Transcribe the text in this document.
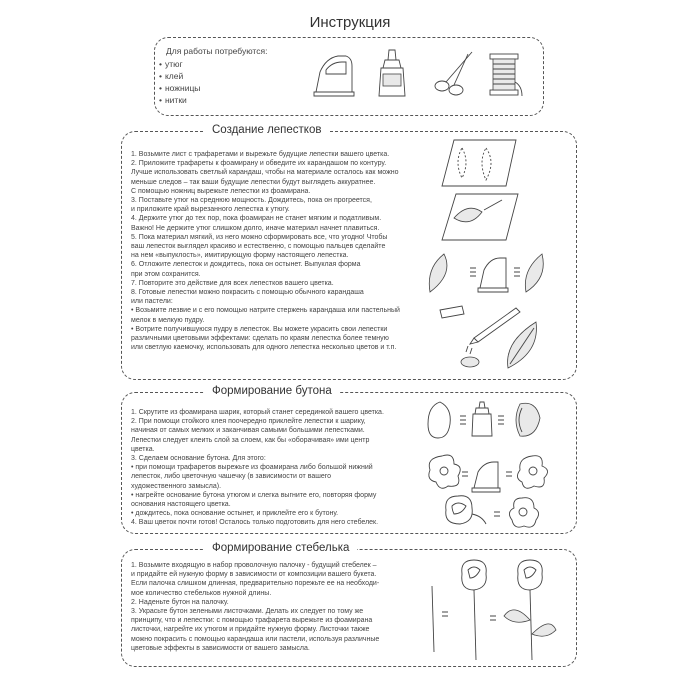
Инструкция
Для работы потребуются:
• утюг
• клей
• ножницы
• нитки
Создание лепестков
1. Возьмите лист с трафаретами и вырежьте будущие лепестки вашего цветка.
2. Приложите трафареты к фоамирану и обведите их карандашом по контуру.
Лучше использовать светлый карандаш, чтобы на материале осталось как можно
меньше следов – так ваши будущие лепестки будут выглядеть аккуратнее.
С помощью ножниц вырежьте лепестки из фоамирана.
3. Поставьте утюг на среднюю мощность. Дождитесь, пока он прогреется,
и приложите край вырезанного лепестка к утюгу.
4. Держите утюг до тех пор, пока фоамиран не станет мягким и податливым.
Важно! Не держите утюг слишком долго, иначе материал начнет плавиться.
5. Пока материал мягкий, из него можно сформировать все, что угодно! Чтобы
ваш лепесток выглядел красиво и естественно, с помощью пальцев сделайте
на нем «выпуклость», имитирующую форму настоящего лепестка.
6. Отложите лепесток и дождитесь, пока он остынет. Выпуклая форма
при этом сохранится.
7. Повторите это действие для всех лепестков вашего цветка.
8. Готовые лепестки можно покрасить с помощью обычного карандаша
или пастели:
• Возьмите лезвие и с его помощью натрите стержень карандаша или пастельный
мелок в мелкую пудру.
• Вотрите получившуюся пудру в лепесток. Вы можете украсить свои лепестки
различными цветовыми эффектами: сделать по краям лепестка более темную
или светлую каемочку, использовать для одного лепестка несколько цветов и т.п.
Формирование бутона
1. Скрутите из фоамирана шарик, который станет серединкой вашего цветка.
2. При помощи стойкого клея поочередно приклейте лепестки к шарику,
начиная от самых мелких и заканчивая самыми большими лепестками.
Лепестки следует клеить слой за слоем, как бы «оборачивая» ими центр
цветка.
3. Сделаем основание бутона. Для этого:
• при помощи трафаретов вырежьте из фоамирана либо большой нижний
лепесток, либо цветочную чашечку (в зависимости от вашего
художественного замысла).
• нагрейте основание бутона утюгом и слегка выгните его, повторяя форму
основания настоящего цветка.
• дождитесь, пока основание остынет, и приклейте его к бутону.
4. Ваш цветок почти готов! Осталось только подготовить для него стебелек.
Формирование стебелька
1. Возьмите входящую в набор проволочную палочку - будущий стебелек –
и придайте ей нужную форму в зависимости от композиции вашего букета.
Если палочка слишком длинная, предварительно порежьте ее на необходи-
мое количество стебельков нужной длины.
2. Наденьте бутон на палочку.
3. Украсьте бутон зелеными листочками. Делать их следует по тому же
принципу, что и лепестки: с помощью трафарета вырежьте из фоамирана
листочки, нагрейте их утюгом и придайте нужную форму. Листочки также
можно покрасить с помощью карандаша или пастели, используя различные
цветовые эффекты в зависимости от вашего замысла.
